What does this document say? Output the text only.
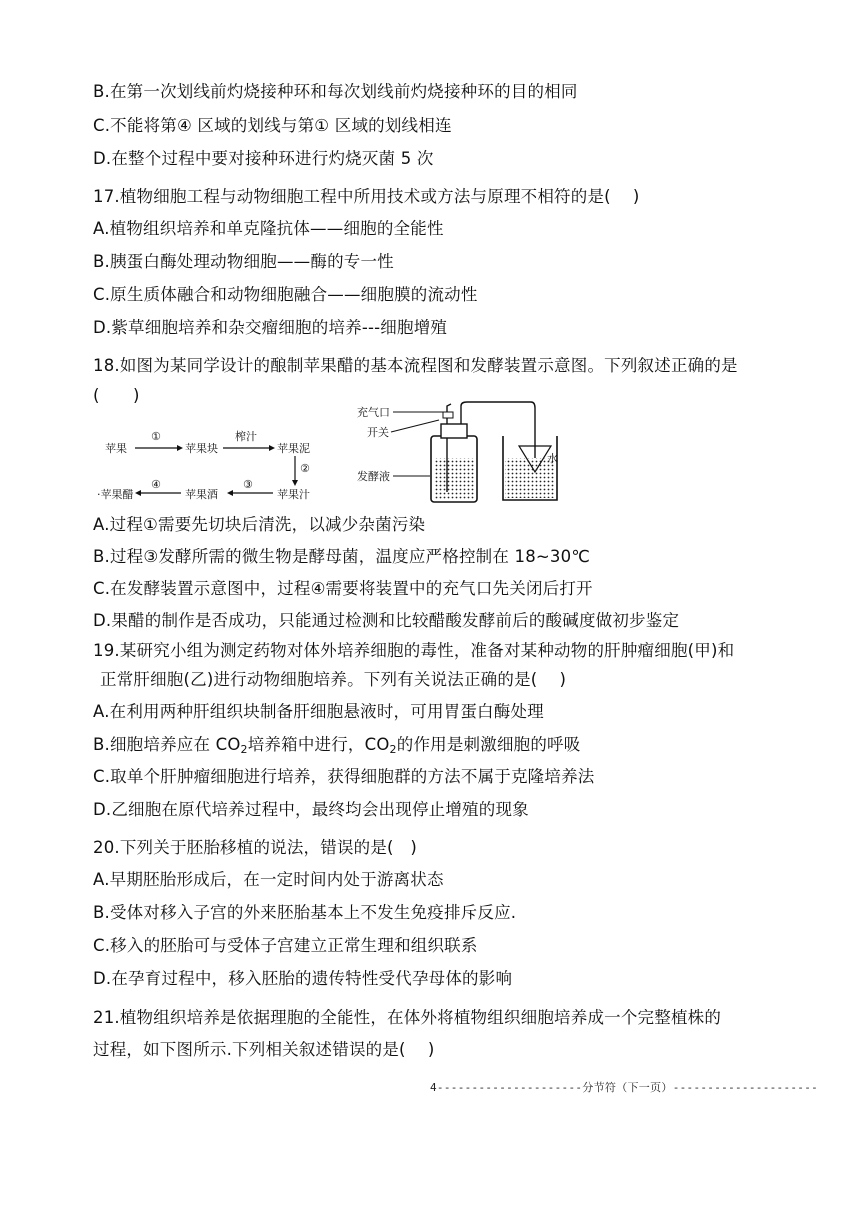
B.在第一次划线前灼烧接种环和每次划线前灼烧接种环的目的相同
C.不能将第④ 区域的划线与第① 区域的划线相连
D.在整个过程中要对接种环进行灼烧灭菌 5 次
17.植物细胞工程与动物细胞工程中所用技术或方法与原理不相符的是(　 )
A.植物组织培养和单克隆抗体——细胞的全能性
B.胰蛋白酶处理动物细胞——酶的专一性
C.原生质体融合和动物细胞融合——细胞膜的流动性
D.紫草细胞培养和杂交瘤细胞的培养---细胞增殖
18.如图为某同学设计的酿制苹果醋的基本流程图和发酵装置示意图。下列叙述正确的是
(　　)
苹果
①
苹果块
榨汁
苹果泥
②
苹果汁
③
苹果酒
④
·苹果醋
充气口
开关
发酵液
水
A.过程①需要先切块后清洗，以减少杂菌污染
B.过程③发酵所需的微生物是酵母菌，温度应严格控制在 18~30℃
C.在发酵装置示意图中，过程④需要将装置中的充气口先关闭后打开
D.果醋的制作是否成功，只能通过检测和比较醋酸发酵前后的酸碱度做初步鉴定
19.某研究小组为测定药物对体外培养细胞的毒性，准备对某种动物的肝肿瘤细胞(甲)和
正常肝细胞(乙)进行动物细胞培养。下列有关说法正确的是(　 )
A.在利用两种肝组织块制备肝细胞悬液时，可用胃蛋白酶处理
B.细胞培养应在 $CO_2$培养箱中进行，$CO_2$的作用是刺激细胞的呼吸
C.取单个肝肿瘤细胞进行培养，获得细胞群的方法不属于克隆培养法
D.乙细胞在原代培养过程中，最终均会出现停止增殖的现象
20.下列关于胚胎移植的说法，错误的是(　)
A.早期胚胎形成后，在一定时间内处于游离状态
B.受体对移入子宫的外来胚胎基本上不发生免疫排斥反应.
C.移入的胚胎可与受体子宫建立正常生理和组织联系
D.在孕育过程中，移入胚胎的遗传特性受代孕母体的影响
21.植物组织培养是依据理胞的全能性，在体外将植物组织细胞培养成一个完整植株的
过程，如下图所示.下列相关叙述错误的是(　 )
4---------------------分节符（下一页）---------------------
